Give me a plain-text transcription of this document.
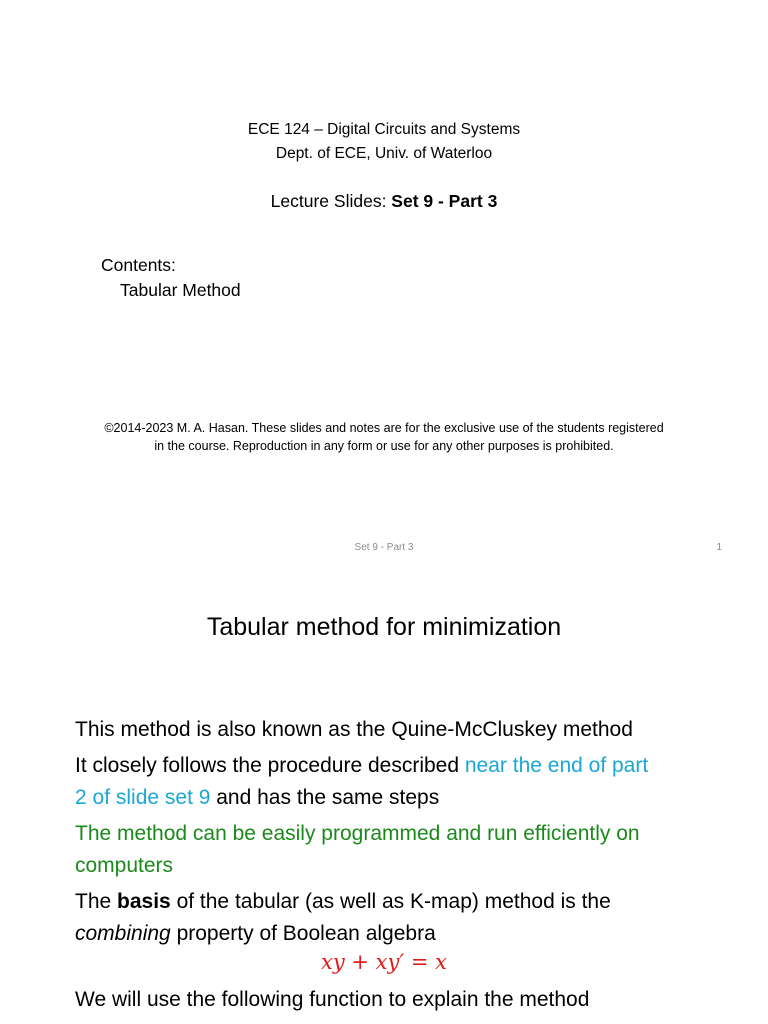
ECE 124 – Digital Circuits and Systems
Dept. of ECE, Univ. of Waterloo
Lecture Slides: Set 9 - Part 3
Contents:
Tabular Method
©2014-2023 M. A. Hasan. These slides and notes are for the exclusive use of the students registered
in the course. Reproduction in any form or use for any other purposes is prohibited.
Set 9 - Part 3	1
Tabular method for minimization

This method is also known as the Quine-McCluskey method

It closely follows the procedure described near the end of part
2 of slide set 9 and has the same steps

The method can be easily programmed and run efficiently on
computers

The basis of the tabular (as well as K-map) method is the
combining property of Boolean algebra

xy + xy′ = x
We will use the following function to explain the method
